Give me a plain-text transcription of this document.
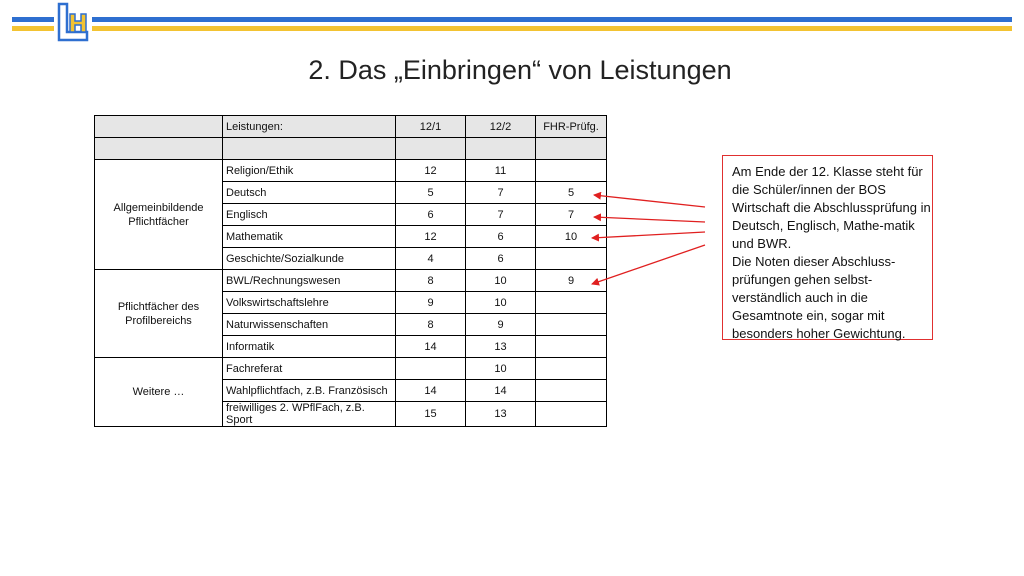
2. Das „Einbringen“ von Leistungen
	Leistungen:	12/1	12/2	FHR-Prüfg.

Allgemeinbildende Pflichtfächer	Religion/Ethik	12	11	
	Deutsch	5	7	5
	Englisch	6	7	7
	Mathematik	12	6	10
	Geschichte/Sozialkunde	4	6	
Pflichtfächer des Profilbereichs	BWL/Rechnungswesen	8	10	9
	Volkswirtschaftslehre	9	10	
	Naturwissenschaften	8	9	
	Informatik	14	13	
Weitere …	Fachreferat		10	
	Wahlpflichtfach, z.B. Französisch	14	14	
	freiwilliges 2. WPflFach, z.B. Sport	15	13	

Am Ende der 12. Klasse steht für die Schüler/innen der BOS Wirtschaft die Abschlussprüfung in Deutsch, Englisch, Mathe-matik und BWR.

Die Noten dieser Abschluss-prüfungen gehen selbst-verständlich auch in die Gesamtnote ein, sogar mit besonders hoher Gewichtung.
